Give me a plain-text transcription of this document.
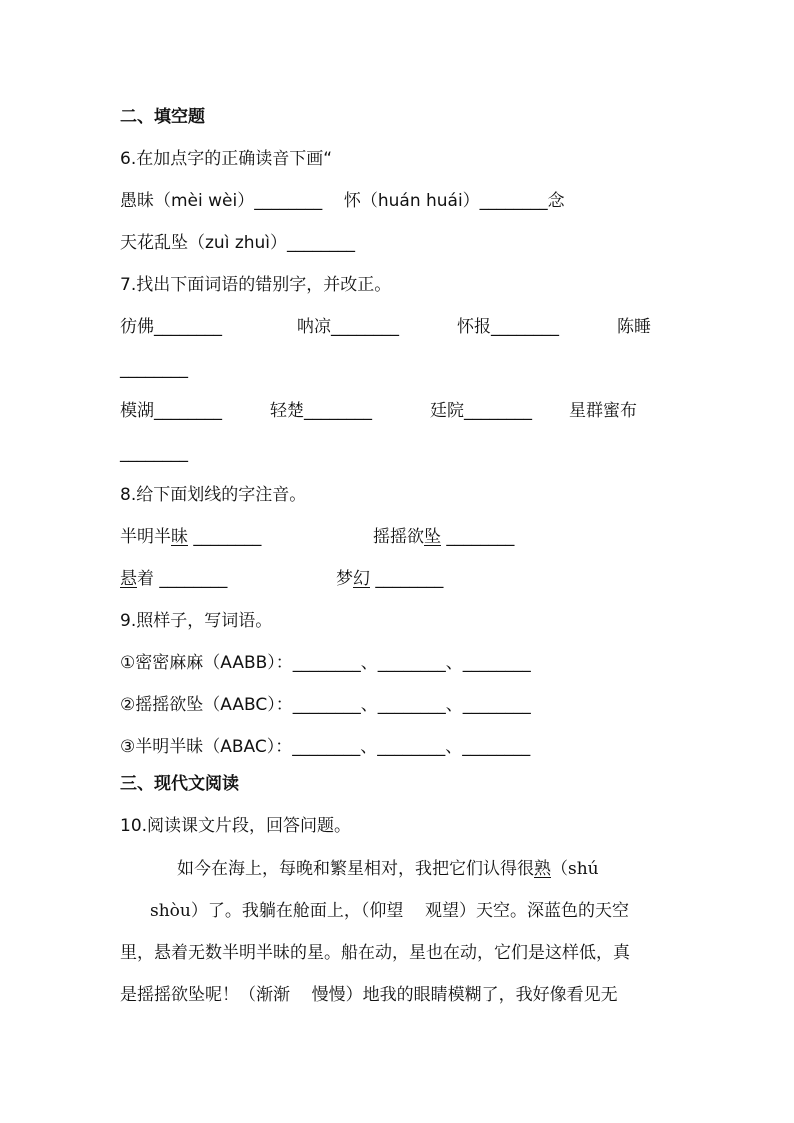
二、填空题
6.在加点字的正确读音下画“
愚昧（mèi wèi）________    怀（huán huái）________念
天花乱坠（zuì zhuì）________
7.找出下面词语的错别字，并改正。
彷佛________	呐凉________	怀报________	陈睡
________
模湖________	轻楚________	廷院________ 星群蜜布
________
8.给下面划线的字注音。
半明半昧 ________	摇摇欲坠 ________
悬着 ________	梦幻 ________
9.照样子，写词语。
①密密麻麻（AABB）：________、________、________
②摇摇欲坠（AABC）：________、________、________
③半明半昧（ABAC）：________、________、________
三、现代文阅读
10.阅读课文片段，回答问题。
如今在海上，每晚和繁星相对，我把它们认得很熟（shú
shòu）了。我躺在舱面上，（仰望    观望）天空。深蓝色的天空
里，悬着无数半明半昧的星。船在动，星也在动，它们是这样低，真
是摇摇欲坠呢！（渐渐    慢慢）地我的眼睛模糊了，我好像看见无
